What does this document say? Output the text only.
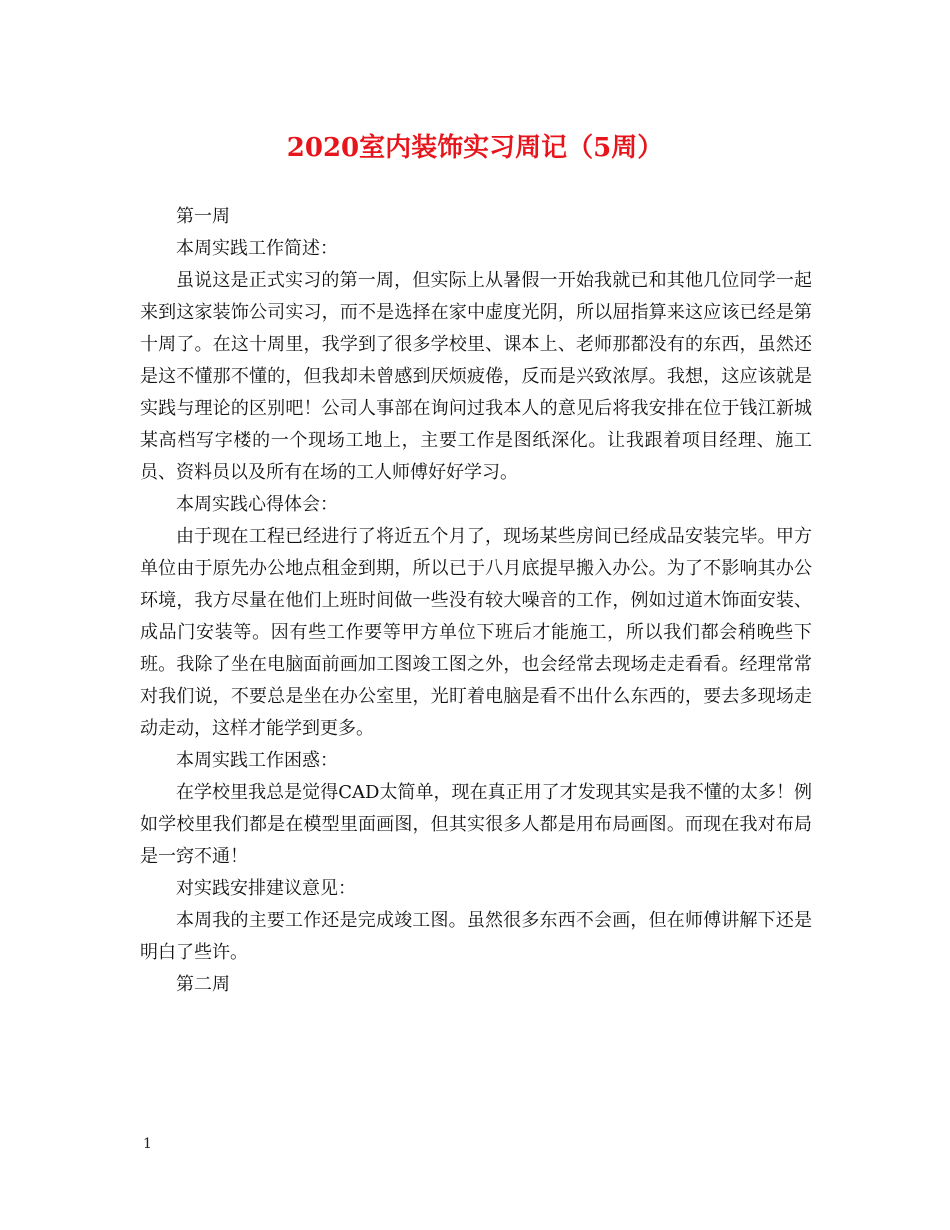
2020室内装饰实习周记（5周）

第一周

本周实践工作简述：

虽说这是正式实习的第一周，但实际上从暑假一开始我就已和其他几位同学一起来到这家装饰公司实习，而不是选择在家中虚度光阴，所以屈指算来这应该已经是第十周了。在这十周里，我学到了很多学校里、课本上、老师那都没有的东西，虽然还是这不懂那不懂的，但我却未曾感到厌烦疲倦，反而是兴致浓厚。我想，这应该就是实践与理论的区别吧！公司人事部在询问过我本人的意见后将我安排在位于钱江新城某高档写字楼的一个现场工地上，主要工作是图纸深化。让我跟着项目经理、施工员、资料员以及所有在场的工人师傅好好学习。

本周实践心得体会：

由于现在工程已经进行了将近五个月了，现场某些房间已经成品安装完毕。甲方单位由于原先办公地点租金到期，所以已于八月底提早搬入办公。为了不影响其办公环境，我方尽量在他们上班时间做一些没有较大噪音的工作，例如过道木饰面安装、成品门安装等。因有些工作要等甲方单位下班后才能施工，所以我们都会稍晚些下班。我除了坐在电脑面前画加工图竣工图之外，也会经常去现场走走看看。经理常常对我们说，不要总是坐在办公室里，光盯着电脑是看不出什么东西的，要去多现场走动走动，这样才能学到更多。

本周实践工作困惑：

在学校里我总是觉得CAD太简单，现在真正用了才发现其实是我不懂的太多！例如学校里我们都是在模型里面画图，但其实很多人都是用布局画图。而现在我对布局是一窍不通！

对实践安排建议意见：

本周我的主要工作还是完成竣工图。虽然很多东西不会画，但在师傅讲解下还是明白了些许。

第二周

1
